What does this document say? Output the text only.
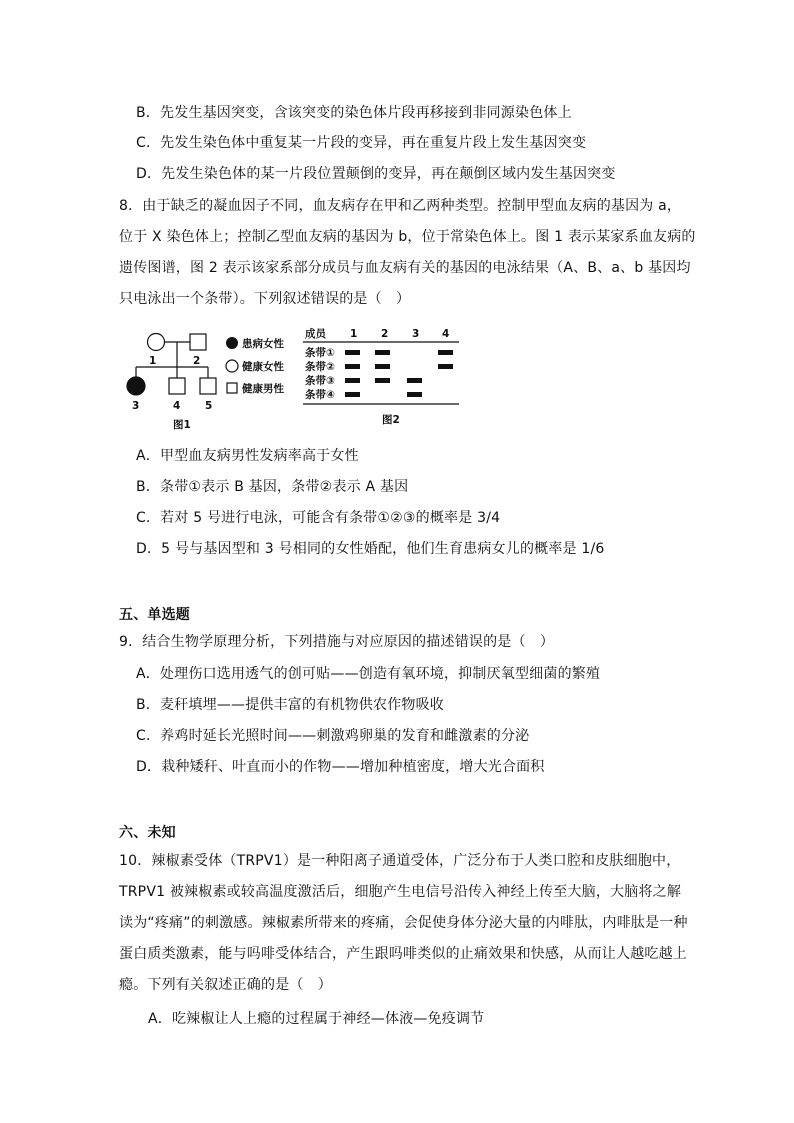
B．先发生基因突变，含该突变的染色体片段再移接到非同源染色体上
C．先发生染色体中重复某一片段的变异，再在重复片段上发生基因突变
D．先发生染色体的某一片段位置颠倒的变异，再在颠倒区域内发生基因突变
8．由于缺乏的凝血因子不同，血友病存在甲和乙两种类型。控制甲型血友病的基因为 a，
位于 X 染色体上；控制乙型血友病的基因为 b，位于常染色体上。图 1 表示某家系血友病的
遗传图谱，图 2 表示该家系部分成员与血友病有关的基因的电泳结果（A、B、a、b 基因均
只电泳出一个条带）。下列叙述错误的是（　）
1	2
3	4 5
患病女性
健康女性
健康男性
图1
成员 1 2 3 4
条带①
条带②
条带③
条带④
图2
A．甲型血友病男性发病率高于女性
B．条带①表示 B 基因，条带②表示 A 基因
C．若对 5 号进行电泳，可能含有条带①②③的概率是 3/4
D．5 号与基因型和 3 号相同的女性婚配，他们生育患病女儿的概率是 1/6
五、单选题
9．结合生物学原理分析，下列措施与对应原因的描述错误的是（　）
A．处理伤口选用透气的创可贴——创造有氧环境，抑制厌氧型细菌的繁殖
B．麦秆填埋——提供丰富的有机物供农作物吸收
C．养鸡时延长光照时间——刺激鸡卵巢的发育和雌激素的分泌
D．栽种矮秆、叶直而小的作物——增加种植密度，增大光合面积
六、未知
10．辣椒素受体（TRPV1）是一种阳离子通道受体，广泛分布于人类口腔和皮肤细胞中，
TRPV1 被辣椒素或较高温度激活后，细胞产生电信号沿传入神经上传至大脑，大脑将之解
读为“疼痛”的刺激感。辣椒素所带来的疼痛，会促使身体分泌大量的内啡肽，内啡肽是一种
蛋白质类激素，能与吗啡受体结合，产生跟吗啡类似的止痛效果和快感，从而让人越吃越上
瘾。下列有关叙述正确的是（　）
A．吃辣椒让人上瘾的过程属于神经—体液—免疫调节
